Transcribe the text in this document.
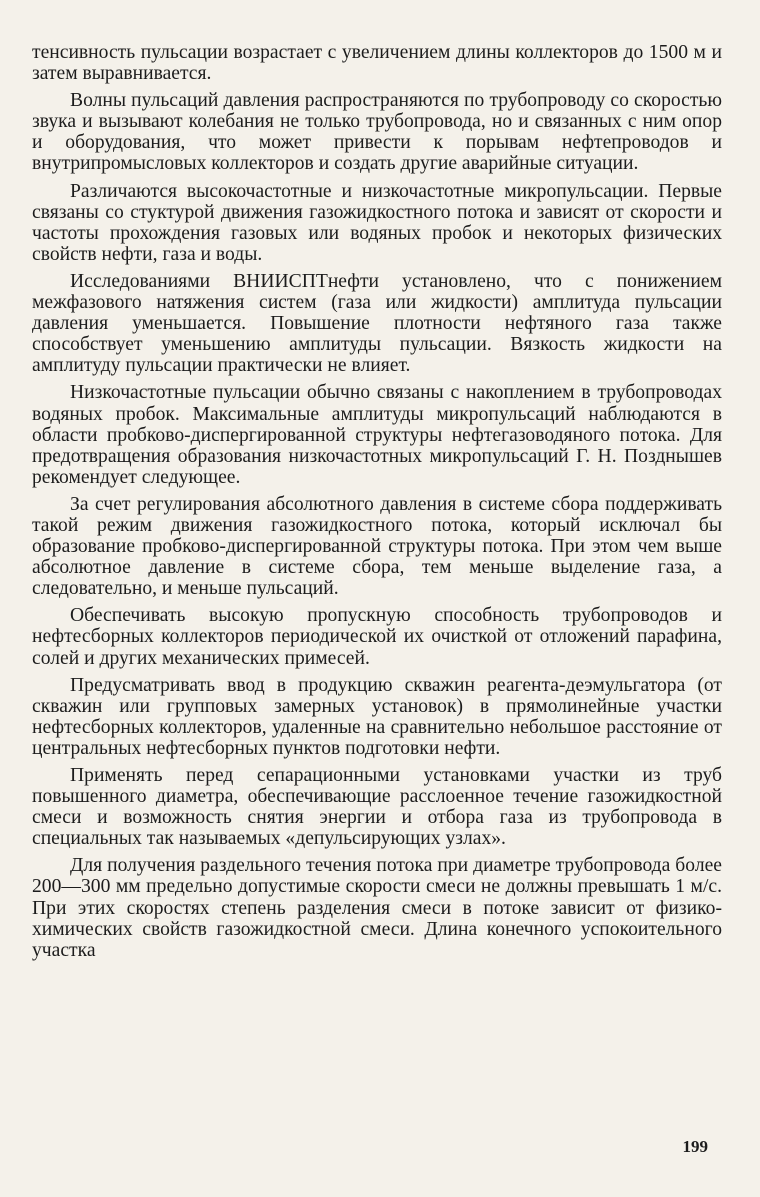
тенсивность пульсации возрастает с увеличением длины коллекторов до 1500 м и затем выравнивается.

Волны пульсаций давления распространяются по трубопроводу со скоростью звука и вызывают колебания не только трубопровода, но и связанных с ним опор и оборудования, что может привести к порывам нефтепроводов и внутрипромысловых коллекторов и создать другие аварийные ситуации.

Различаются высокочастотные и низкочастотные микропульсации. Первые связаны со стуктурой движения газожидкостного потока и зависят от скорости и частоты прохождения газовых или водяных пробок и некоторых физических свойств нефти, газа и воды.

Исследованиями ВНИИСПТнефти установлено, что с понижением межфазового натяжения систем (газа или жидкости) амплитуда пульсации давления уменьшается. Повышение плотности нефтяного газа также способствует уменьшению амплитуды пульсации. Вязкость жидкости на амплитуду пульсации практически не влияет.

Низкочастотные пульсации обычно связаны с накоплением в трубопроводах водяных пробок. Максимальные амплитуды микропульсаций наблюдаются в области пробково-диспергированной структуры нефтегазоводяного потока. Для предотвращения образования низкочастотных микропульсаций Г. Н. Позднышев рекомендует следующее.

За счет регулирования абсолютного давления в системе сбора поддерживать такой режим движения газожидкостного потока, который исключал бы образование пробково-диспергированной структуры потока. При этом чем выше абсолютное давление в системе сбора, тем меньше выделение газа, а следовательно, и меньше пульсаций.

Обеспечивать высокую пропускную способность трубопроводов и нефтесборных коллекторов периодической их очисткой от отложений парафина, солей и других механических примесей.

Предусматривать ввод в продукцию скважин реагента-деэмульгатора (от скважин или групповых замерных установок) в прямолинейные участки нефтесборных коллекторов, удаленные на сравнительно небольшое расстояние от центральных нефтесборных пунктов подготовки нефти.

Применять перед сепарационными установками участки из труб повышенного диаметра, обеспечивающие расслоенное течение газожидкостной смеси и возможность снятия энергии и отбора газа из трубопровода в специальных так называемых «депульсирующих узлах».

Для получения раздельного течения потока при диаметре трубопровода более 200—300 мм предельно допустимые скорости смеси не должны превышать 1 м/с. При этих скоростях степень разделения смеси в потоке зависит от физико-химических свойств газожидкостной смеси. Длина конечного успокоительного участка

199
